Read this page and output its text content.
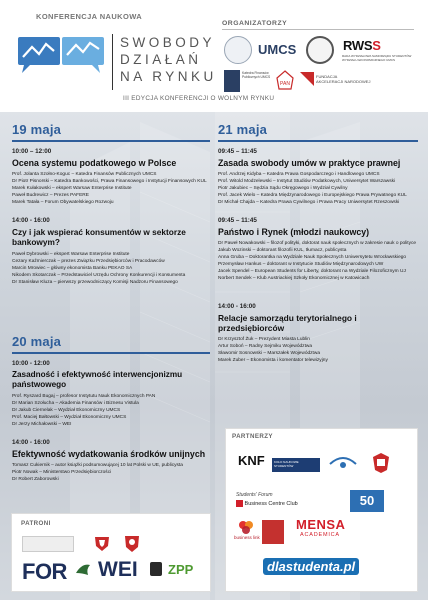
KONFERENCJA NAUKOWA
SWOBODY
DZIAŁAŃ
NA RYNKU
III EDYCJA KONFERENCJI O WOLNYM RYNKU
ORGANIZATORZY
UMCS	RWSS
RADA WYDZIAŁOWA SAMORZĄDU STUDENTÓW WYDZIAŁU EKONOMICZNEGO UMCS
Katedra Finansów Publicznych UMCS
PAN
FUNDACJA
AKCELERACJI NARODOWEJ
19 maja
10:00 – 12:00
Ocena systemu podatkowego w Polsce
Prof. Jolanta Szołno-Koguc – Katedra Finansów Publicznych UMCS
Dr Piotr Pisnorski – Katedra Bankowości, Prawa Finansowego i Instytucji Finansowych KUL
Marek Kułakowski – ekspert Warsaw Enterprise Institute
Paweł Budrewicz – Prezes PAFERE
Marek Tatała – Forum Obywatelskiego Rozwoju
14:00 - 16:00
Czy i jak wspierać konsumentów w sektorze bankowym?
Paweł Dybrowski – ekspert Warsaw Enterprise Institute
Cezary Kaźmierczak – prezes Związku Przedsiębiorców i Pracodawców
Marcin Mrowiec – główny ekonomista Banku PEKAO SA
Nikodem Skotarczak – Przedstawiciel Urzędu Ochrony Konkurencji i Konsumenta
Dr Stanisław Kluza – pierwszy przewodniczący Komisji Nadzoru Finansowego
20 maja
10:00 - 12:00
Zasadność i efektywność interwencjonizmu państwowego
Prof. Ryszard Bugaj – profesor Instytutu Nauk Ekonomicznych PAN
Dr Marian Szołucha – Akademia Finansów i Biznesu Vistula
Dr Jakub Ciernelak – Wydział Ekonomiczny UMCS
Prof. Maciej Bałtowski – Wydział Ekonomiczny UMCS
Dr Jerzy Michałowski – WEI
14:00 - 16:00
Efektywność wydatkowania środków unijnych
Tomasz Cukiernik – autor książki podsumowującej 10 lat Polski w UE, publicysta
Piotr Nowak – Ministerstwo Przedsiębiorczości
Dr Robert Zaborowski
21 maja
09:45 – 11:45
Zasada swobody umów w praktyce prawnej
Prof. Andrzej Kidyba – Katedra Prawa Gospodarczego i Handlowego UMCS
Prof. Witold Modzelewski – Instytut Studiów Podatkowych, Uniwersytet Warszawski
Piotr Jakubiec – Sędzia Sądu Okręgowego i Wydział Cywilny
Prof. Jacek Wielo – Katedra Międzynarodowego i Europejskiego Prawa Prywatnego KUL
Dr Michał Chajda – Katedra Prawa Cywilnego i Prawa Pracy Uniwersytet Rzeszowski
09:45 – 11:45
Państwo i Rynek (młodzi naukowcy)
Dr Paweł Nowakowski – filozof polityki, doktorat nauk społecznych w zakresie nauk o polityce
Jakub Wozinski – doktorant filozofii KUL, tłumacz, publicysta
Anna Gruba – Doktorantka na Wydziale Nauk Społecznych Uniwersytetu Wrocławskiego
Przemysław Hankus – doktorant w Instytucie Studiów Międzynarodowych UW
Jacek Spendel – European Students for Liberty, doktorant na Wydziale Filozoficznym UJ
Norbert Sendek – Klub Austriackiej Szkoły Ekonomicznej w Katowicach
14:00 - 16:00
Relacje samorządu terytorialnego i przedsiębiorców
Dr Krzysztof Żuk – Prezydent Miasta Lublin
Artur Soboń – Radny Sejmiku Województwa
Sławomir Sosnowski – Marszałek Województwa
Marek Zuber – Ekonomista i komentator telewizyjny
PARTNERZY
KNF	KOŁO NAUKOWE STUDENTÓW
Students' Forum
Business Centre Club	50
business link
MENSA
ACADEMICA
dlastudenta.pl
PATRONI
FOR WEI ZPP
